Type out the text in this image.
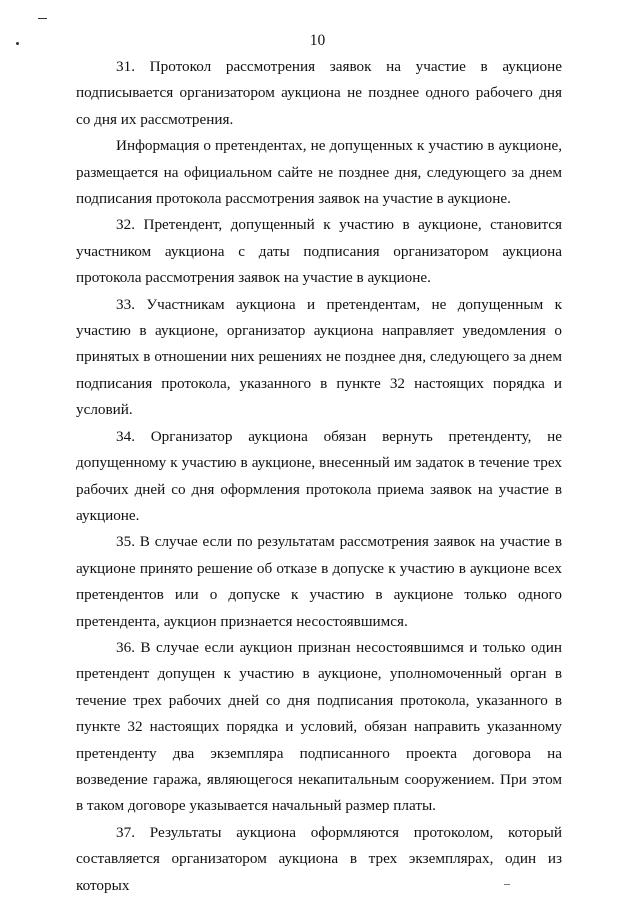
10

31. Протокол рассмотрения заявок на участие в аукционе подписывается организатором аукциона не позднее одного рабочего дня со дня их рассмотрения.

Информация о претендентах, не допущенных к участию в аукционе, размещается на официальном сайте не позднее дня, следующего за днем подписания протокола рассмотрения заявок на участие в аукционе.

32. Претендент, допущенный к участию в аукционе, становится участником аукциона с даты подписания организатором аукциона протокола рассмотрения заявок на участие в аукционе.

33. Участникам аукциона и претендентам, не допущенным к участию в аукционе, организатор аукциона направляет уведомления о принятых в отношении них решениях не позднее дня, следующего за днем подписания протокола, указанного в пункте 32 настоящих порядка и условий.

34. Организатор аукциона обязан вернуть претенденту, не допущенному к участию в аукционе, внесенный им задаток в течение трех рабочих дней со дня оформления протокола приема заявок на участие в аукционе.

35. В случае если по результатам рассмотрения заявок на участие в аукционе принято решение об отказе в допуске к участию в аукционе всех претендентов или о допуске к участию в аукционе только одного претендента, аукцион признается несостоявшимся.

36. В случае если аукцион признан несостоявшимся и только один претендент допущен к участию в аукционе, уполномоченный орган в течение трех рабочих дней со дня подписания протокола, указанного в пункте 32 настоящих порядка и условий, обязан направить указанному претенденту два экземпляра подписанного проекта договора на возведение гаража, являющегося некапитальным сооружением. При этом в таком договоре указывается начальный размер платы.

37. Результаты аукциона оформляются протоколом, который составляется организатором аукциона в трех экземплярах, один из которых
